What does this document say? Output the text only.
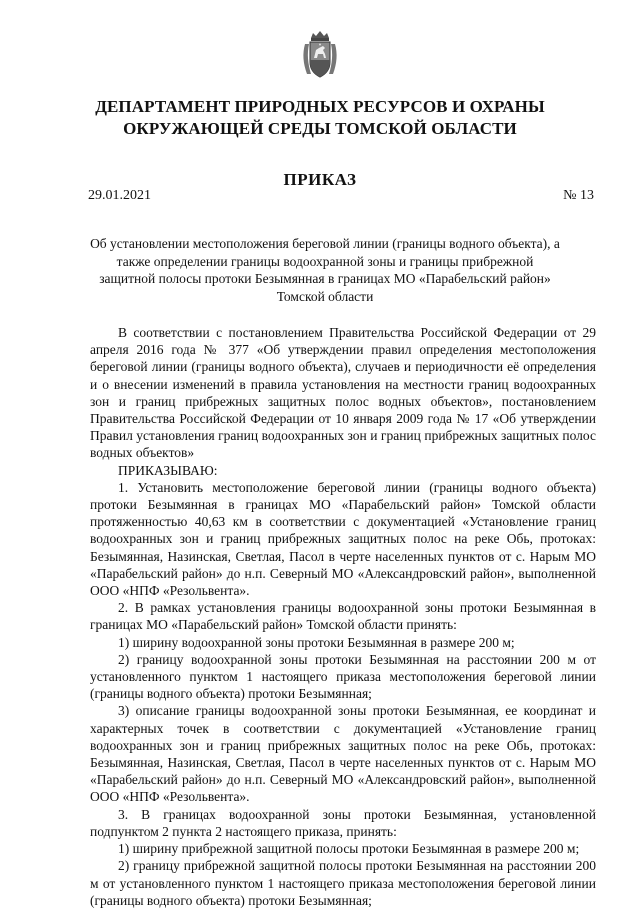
ДЕПАРТАМЕНТ ПРИРОДНЫХ РЕСУРСОВ И ОХРАНЫ
ОКРУЖАЮЩЕЙ СРЕДЫ ТОМСКОЙ ОБЛАСТИ
ПРИКАЗ
29.01.2021	№ 13
Об установлении местоположения береговой линии (границы водного объекта), а также определении границы водоохранной зоны и границы прибрежной защитной полосы протоки Безымянная в границах МО «Парабельский район» Томской области

В соответствии с постановлением Правительства Российской Федерации от 29 апреля 2016 года № 377 «Об утверждении правил определения местоположения береговой линии (границы водного объекта), случаев и периодичности её определения и о внесении изменений в правила установления на местности границ водоохранных зон и границ прибрежных защитных полос водных объектов», постановлением Правительства Российской Федерации от 10 января 2009 года № 17 «Об утверждении Правил установления границ водоохранных зон и границ прибрежных защитных полос водных объектов»

ПРИКАЗЫВАЮ:

1. Установить местоположение береговой линии (границы водного объекта) протоки Безымянная в границах МО «Парабельский район» Томской области протяженностью 40,63 км в соответствии с документацией «Установление границ водоохранных зон и границ прибрежных защитных полос на реке Обь, протоках: Безымянная, Назинская, Светлая, Пасол в черте населенных пунктов от с. Нарым МО «Парабельский район» до н.п. Северный МО «Александровский район», выполненной ООО «НПФ «Резольвента».

2. В рамках установления границы водоохранной зоны протоки Безымянная в границах МО «Парабельский район» Томской области принять:

1) ширину водоохранной зоны протоки Безымянная в размере 200 м;

2) границу водоохранной зоны протоки Безымянная на расстоянии 200 м от установленного пунктом 1 настоящего приказа местоположения береговой линии (границы водного объекта) протоки Безымянная;

3) описание границы водоохранной зоны протоки Безымянная, ее координат и характерных точек в соответствии с документацией «Установление границ водоохранных зон и границ прибрежных защитных полос на реке Обь, протоках: Безымянная, Назинская, Светлая, Пасол в черте населенных пунктов от с. Нарым МО «Парабельский район» до н.п. Северный МО «Александровский район», выполненной ООО «НПФ «Резольвента».

3. В границах водоохранной зоны протоки Безымянная, установленной подпунктом 2 пункта 2 настоящего приказа, принять:

1) ширину прибрежной защитной полосы протоки Безымянная в размере 200 м;

2) границу прибрежной защитной полосы протоки Безымянная на расстоянии 200 м от установленного пунктом 1 настоящего приказа местоположения береговой линии (границы водного объекта) протоки Безымянная;
